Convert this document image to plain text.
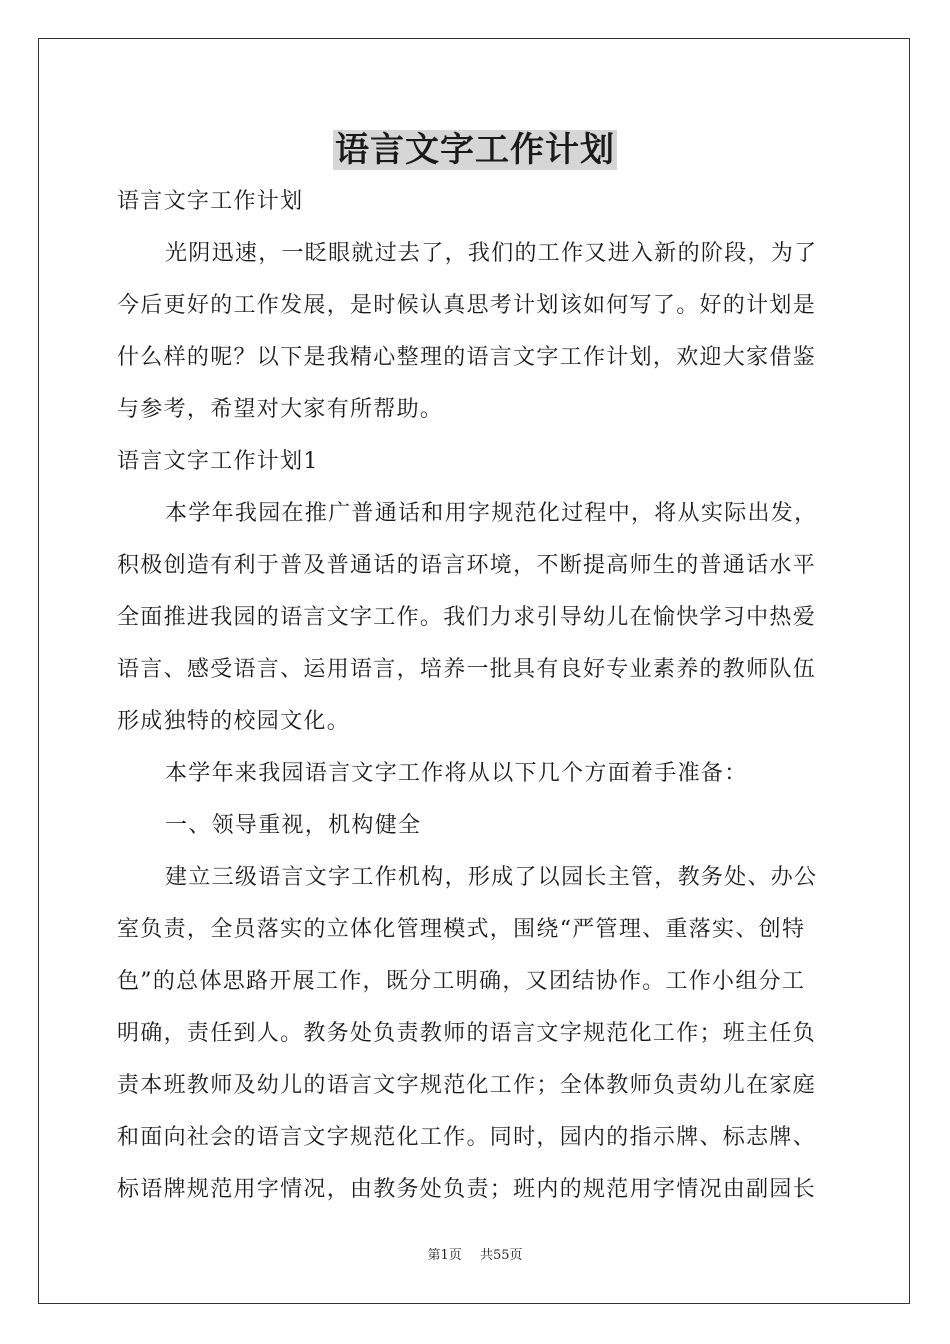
语言文字工作计划
语言文字工作计划
光阴迅速，一眨眼就过去了，我们的工作又进入新的阶段，为了
今后更好的工作发展，是时候认真思考计划该如何写了。好的计划是
什么样的呢？以下是我精心整理的语言文字工作计划，欢迎大家借鉴
与参考，希望对大家有所帮助。
语言文字工作计划1
本学年我园在推广普通话和用字规范化过程中，将从实际出发，
积极创造有利于普及普通话的语言环境，不断提高师生的普通话水平
全面推进我园的语言文字工作。我们力求引导幼儿在愉快学习中热爱
语言、感受语言、运用语言，培养一批具有良好专业素养的教师队伍
形成独特的校园文化。
本学年来我园语言文字工作将从以下几个方面着手准备：
一、领导重视，机构健全
建立三级语言文字工作机构，形成了以园长主管，教务处、办公
室负责，全员落实的立体化管理模式，围绕“严管理、重落实、创特
色”的总体思路开展工作，既分工明确，又团结协作。工作小组分工
明确，责任到人。教务处负责教师的语言文字规范化工作；班主任负
责本班教师及幼儿的语言文字规范化工作；全体教师负责幼儿在家庭
和面向社会的语言文字规范化工作。同时，园内的指示牌、标志牌、
标语牌规范用字情况，由教务处负责；班内的规范用字情况由副园长
第1页 共55页
